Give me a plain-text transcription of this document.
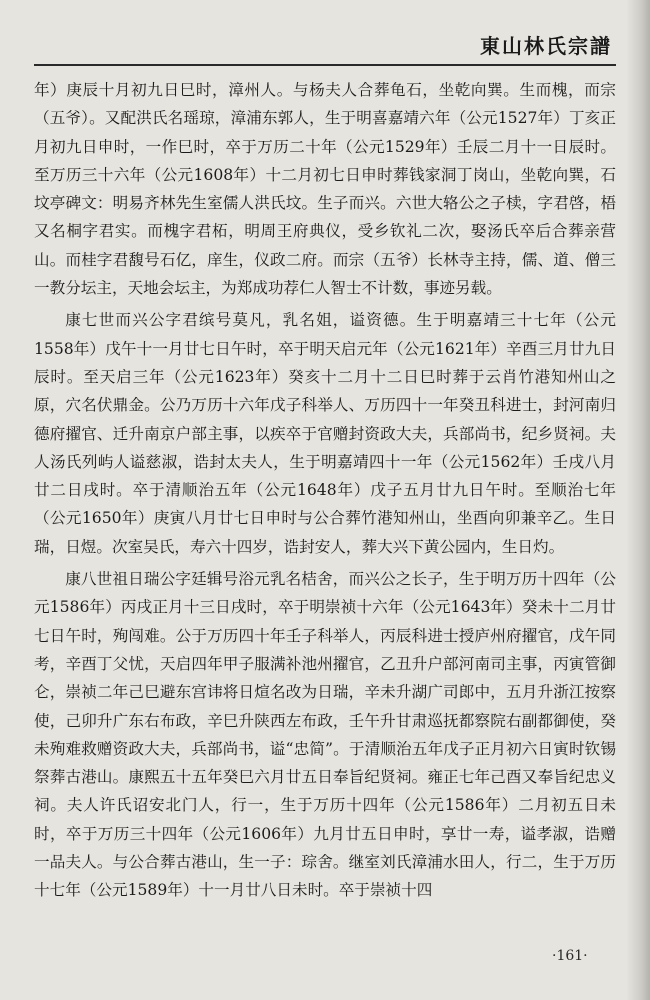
東山林氏宗譜

年）庚辰十月初九日巳时，漳州人。与杨夫人合葬龟石，坐乾向巽。生而槐，而宗（五爷）。又配洪氏名瑶琼，漳浦东郭人，生于明喜嘉靖六年（公元1527年）丁亥正月初九日申时，一作巳时，卒于万历二十年（公元1529年）壬辰二月十一日辰时。至万历三十六年（公元1608年）十二月初七日申时葬钱家洞丁岗山，坐乾向巽，石坟亭碑文：明易齐林先生室儒人洪氏坟。生子而兴。六世大辂公之子椟，字君啓，梧又名桐字君实。而槐字君柘，明周王府典仪，受乡钦礼二次，娶汤氏卒后合葬亲营山。而桂字君馥号石亿，庠生，仪政二府。而宗（五爷）长林寺主持，儒、道、僧三一教分坛主，天地会坛主，为郑成功荐仁人智士不计数，事迹另载。

康七世而兴公字君缤号莫凡，乳名姐，谥资德。生于明嘉靖三十七年（公元1558年）戊午十一月廿七日午时，卒于明天启元年（公元1621年）辛酉三月廿九日辰时。至天启三年（公元1623年）癸亥十二月十二日巳时葬于云肖竹港知州山之原，穴名伏鼎金。公乃万历十六年戊子科举人、万历四十一年癸丑科进士，封河南归德府擢官、迁升南京户部主事，以疾卒于官赠封资政大夫，兵部尚书，纪乡贤祠。夫人汤氏列屿人谥慈淑，诰封太夫人，生于明嘉靖四十一年（公元1562年）壬戌八月廿二日戌时。卒于清顺治五年（公元1648年）戊子五月廿九日午时。至顺治七年（公元1650年）庚寅八月廿七日申时与公合葬竹港知州山，坐酉向卯兼辛乙。生日瑞，日煜。次室吴氏，寿六十四岁，诰封安人，葬大兴下黄公园内，生日灼。

康八世祖日瑞公字廷辑号浴元乳名桔舍，而兴公之长子，生于明万历十四年（公元1586年）丙戌正月十三日戌时，卒于明崇祯十六年（公元1643年）癸未十二月廿七日午时，殉闯难。公于万历四十年壬子科举人，丙辰科进士授庐州府擢官，戊午同考，辛酉丁父忧，天启四年甲子服满补池州擢官，乙丑升户部河南司主事，丙寅管御仑，崇祯二年己巳避东宫讳将日煊名改为日瑞，辛未升湖广司郎中，五月升浙江按察使，己卯升广东右布政，辛巳升陕西左布政，壬午升甘肃巡抚都察院右副都御使，癸未殉难救赠资政大夫，兵部尚书，谥“忠简”。于清顺治五年戊子正月初六日寅时钦锡祭葬古港山。康熙五十五年癸巳六月廿五日奉旨纪贤祠。雍正七年己酉又奉旨纪忠义祠。夫人许氏诏安北门人，行一，生于万历十四年（公元1586年）二月初五日未时，卒于万历三十四年（公元1606年）九月廿五日申时，享廿一寿，谥孝淑，诰赠一品夫人。与公合葬古港山，生一子：琮舍。继室刘氏漳浦水田人，行二，生于万历十七年（公元1589年）十一月廿八日未时。卒于崇祯十四

·161·
